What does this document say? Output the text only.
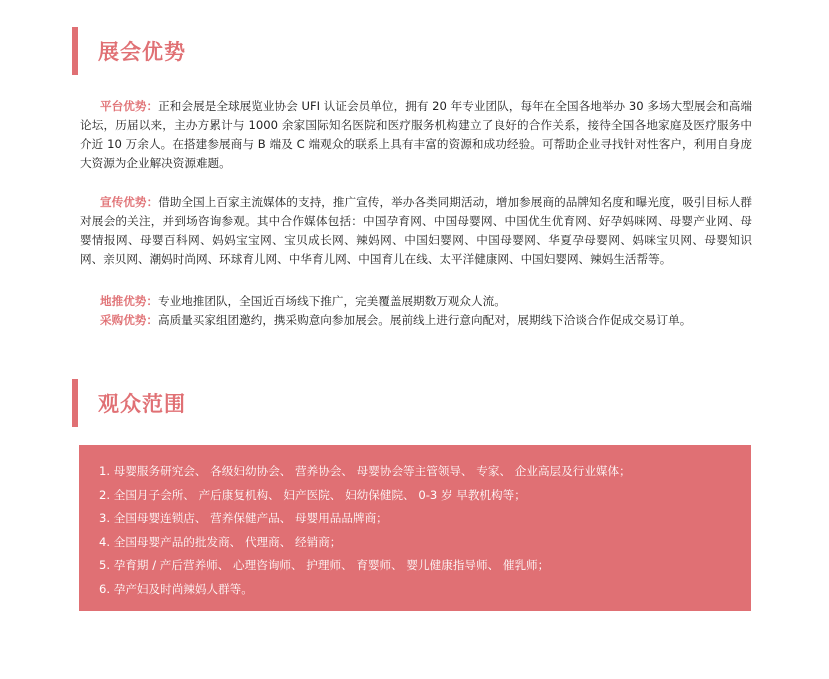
展会优势
平台优势：正和会展是全球展览业协会 UFI 认证会员单位，拥有 20 年专业团队，每年在全国各地举办 30 多场大型展会和高端论坛，历届以来，主办方累计与 1000 余家国际知名医院和医疗服务机构建立了良好的合作关系，接待全国各地家庭及医疗服务中介近 10 万余人。在搭建参展商与 B 端及 C 端观众的联系上具有丰富的资源和成功经验。可帮助企业寻找针对性客户，利用自身庞大资源为企业解决资源难题。
宣传优势：借助全国上百家主流媒体的支持，推广宣传，举办各类同期活动，增加参展商的品牌知名度和曝光度，吸引目标人群对展会的关注，并到场咨询参观。其中合作媒体包括：中国孕育网、中国母婴网、中国优生优育网、好孕妈咪网、母婴产业网、母婴情报网、母婴百科网、妈妈宝宝网、宝贝成长网、辣妈网、中国妇婴网、中国母婴网、华夏孕母婴网、妈咪宝贝网、母婴知识网、亲贝网、潮妈时尚网、环球育儿网、中华育儿网、中国育儿在线、太平洋健康网、中国妇婴网、辣妈生活帮等。
地推优势：专业地推团队，全国近百场线下推广，完美覆盖展期数万观众人流。
采购优势：高质量买家组团邀约，携采购意向参加展会。展前线上进行意向配对，展期线下洽谈合作促成交易订单。
观众范围
1. 母婴服务研究会、 各级妇幼协会、 营养协会、 母婴协会等主管领导、 专家、 企业高层及行业媒体；
2. 全国月子会所、 产后康复机构、 妇产医院、 妇幼保健院、 0-3 岁 早教机构等；
3. 全国母婴连锁店、 营养保健产品、 母婴用品品牌商；
4. 全国母婴产品的批发商、 代理商、 经销商；
5. 孕育期 / 产后营养师、 心理咨询师、 护理师、 育婴师、 婴儿健康指导师、 催乳师；
6. 孕产妇及时尚辣妈人群等。
